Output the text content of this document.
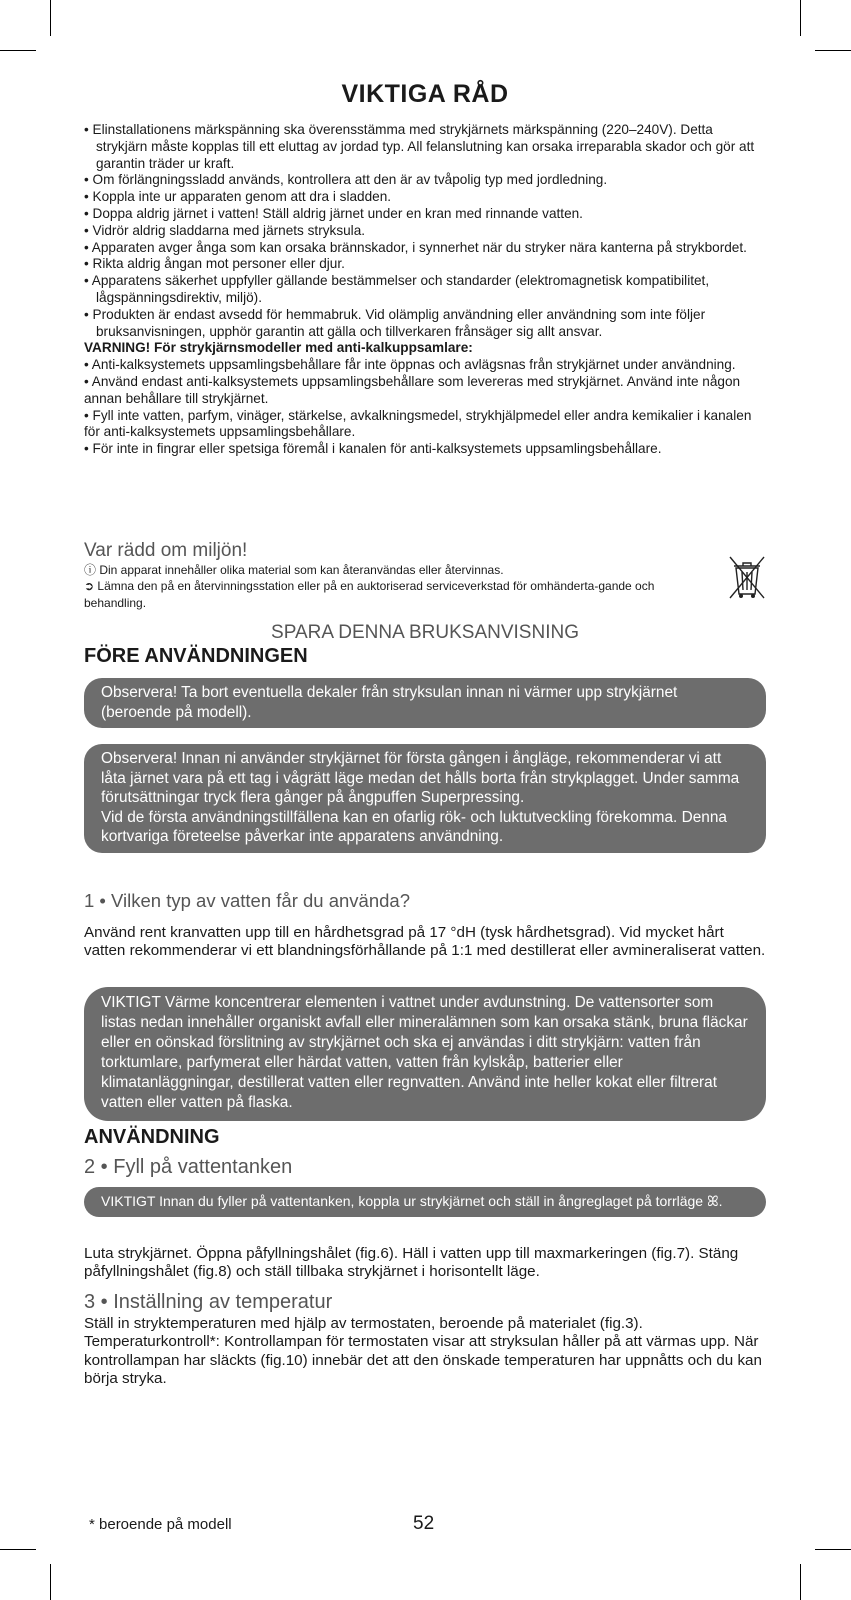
VIKTIGA RÅD
• Elinstallationens märkspänning ska överensstämma med strykjärnets märkspänning (220–240V). Detta strykjärn måste kopplas till ett eluttag av jordad typ. All felanslutning kan orsaka irreparabla skador och gör att garantin träder ur kraft.
• Om förlängningssladd används, kontrollera att den är av tvåpolig typ med jordledning.
• Koppla inte ur apparaten genom att dra i sladden.
• Doppa aldrig järnet i vatten! Ställ aldrig järnet under en kran med rinnande vatten.
• Vidrör aldrig sladdarna med järnets stryksula.
• Apparaten avger ånga som kan orsaka brännskador, i synnerhet när du stryker nära kanterna på strykbordet.
• Rikta aldrig ångan mot personer eller djur.
• Apparatens säkerhet uppfyller gällande bestämmelser och standarder (elektromagnetisk kompatibilitet, lågspänningsdirektiv, miljö).
• Produkten är endast avsedd för hemmabruk. Vid olämplig användning eller användning som inte följer bruksanvisningen, upphör garantin att gälla och tillverkaren frånsäger sig allt ansvar.
VARNING! För strykjärnsmodeller med anti-kalkuppsamlare:
• Anti-kalksystemets uppsamlingsbehållare får inte öppnas och avlägsnas från strykjärnet under användning.
• Använd endast anti-kalksystemets uppsamlingsbehållare som levereras med strykjärnet. Använd inte någon annan behållare till strykjärnet.
• Fyll inte vatten, parfym, vinäger, stärkelse, avkalkningsmedel, strykhjälpmedel eller andra kemikalier i kanalen för anti-kalksystemets uppsamlingsbehållare.
• För inte in fingrar eller spetsiga föremål i kanalen för anti-kalksystemets uppsamlingsbehållare.
Var rädd om miljön!
ⓘ Din apparat innehåller olika material som kan återanvändas eller återvinnas.
➲ Lämna den på en återvinningsstation eller på en auktoriserad serviceverkstad för omhänderta-gande och behandling.
SPARA DENNA BRUKSANVISNING
FÖRE ANVÄNDNINGEN
Observera! Ta bort eventuella dekaler från stryksulan innan ni värmer upp strykjärnet (beroende på modell).
Observera! Innan ni använder strykjärnet för första gången i ångläge, rekommenderar vi att låta järnet vara på ett tag i vågrätt läge medan det hålls borta från strykplagget. Under samma förutsättningar tryck flera gånger på ångpuffen Superpressing.
Vid de första användningstillfällena kan en ofarlig rök- och luktutveckling förekomma. Denna kortvariga företeelse påverkar inte apparatens användning.
1 • Vilken typ av vatten får du använda?
Använd rent kranvatten upp till en hårdhetsgrad på 17 °dH (tysk hårdhetsgrad). Vid mycket hårt vatten rekommenderar vi ett blandningsförhållande på 1:1 med destillerat eller avmineraliserat vatten.
VIKTIGT Värme koncentrerar elementen i vattnet under avdunstning. De vattensorter som listas nedan innehåller organiskt avfall eller mineralämnen som kan orsaka stänk, bruna fläckar eller en oönskad förslitning av strykjärnet och ska ej användas i ditt strykjärn: vatten från torktumlare, parfymerat eller härdat vatten, vatten från kylskåp, batterier eller klimatanläggningar, destillerat vatten eller regnvatten. Använd inte heller kokat eller filtrerat vatten eller vatten på flaska.
ANVÄNDNING
2 • Fyll på vattentanken
VIKTIGT Innan du fyller på vattentanken, koppla ur strykjärnet och ställ in ångreglaget på torrläge ꕤ.
Luta strykjärnet. Öppna påfyllningshålet (fig.6). Häll i vatten upp till maxmarkeringen (fig.7). Stäng påfyllningshålet (fig.8) och ställ tillbaka strykjärnet i horisontellt läge.
3 • Inställning av temperatur
Ställ in stryktemperaturen med hjälp av termostaten, beroende på materialet (fig.3). Temperaturkontroll*: Kontrollampan för termostaten visar att stryksulan håller på att värmas upp. När kontrollampan har släckts (fig.10) innebär det att den önskade temperaturen har uppnåtts och du kan börja stryka.
* beroende på modell	52
